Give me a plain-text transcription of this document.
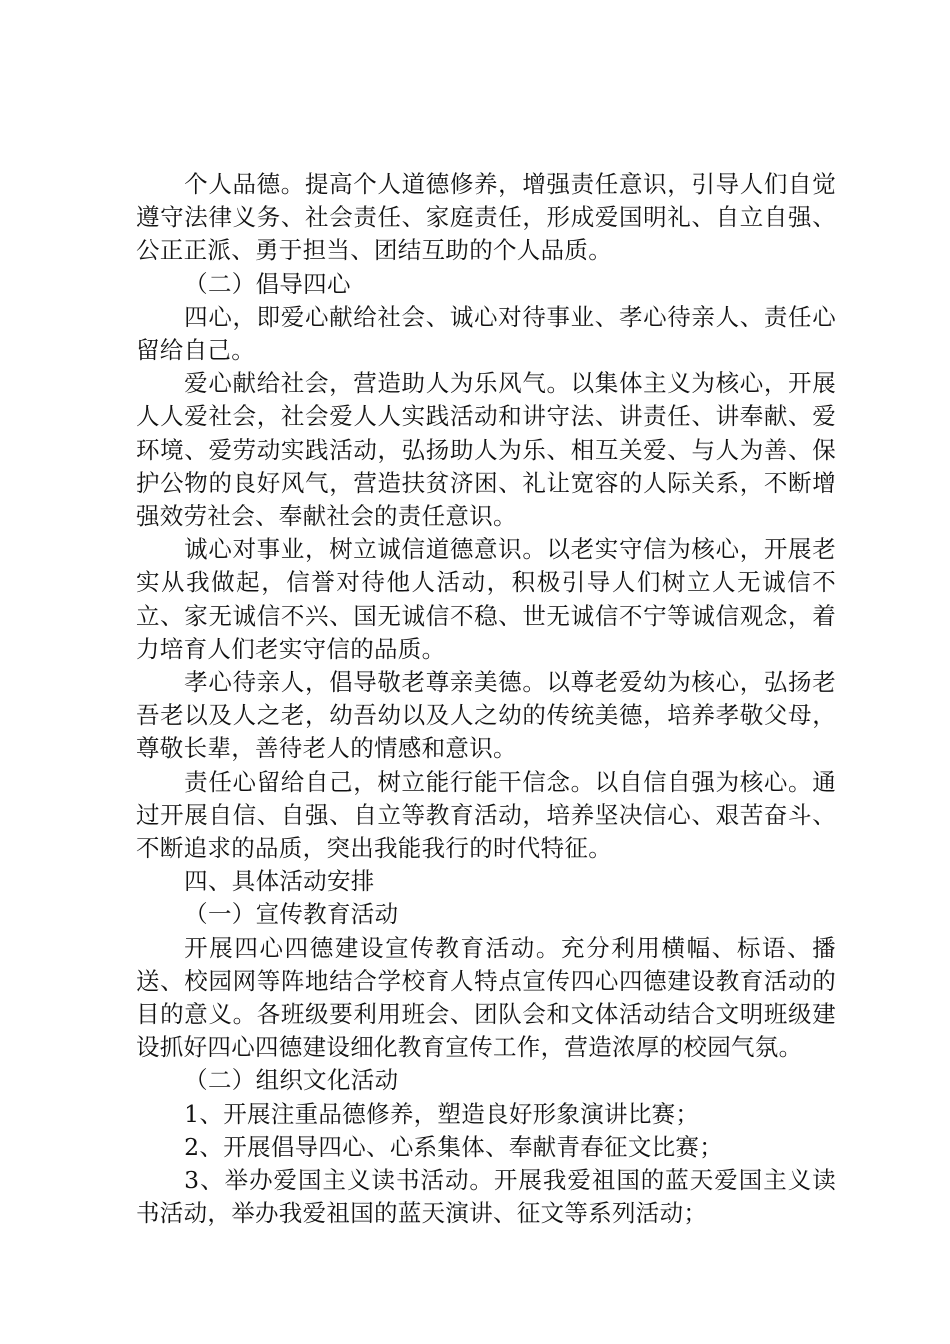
个人品德。提高个人道德修养，增强责任意识，引导人们自觉遵守法律义务、社会责任、家庭责任，形成爱国明礼、自立自强、公正正派、勇于担当、团结互助的个人品质。

（二）倡导四心

四心，即爱心献给社会、诚心对待事业、孝心待亲人、责任心留给自己。

爱心献给社会，营造助人为乐风气。以集体主义为核心，开展人人爱社会，社会爱人人实践活动和讲守法、讲责任、讲奉献、爱环境、爱劳动实践活动，弘扬助人为乐、相互关爱、与人为善、保护公物的良好风气，营造扶贫济困、礼让宽容的人际关系，不断增强效劳社会、奉献社会的责任意识。

诚心对事业，树立诚信道德意识。以老实守信为核心，开展老实从我做起，信誉对待他人活动，积极引导人们树立人无诚信不立、家无诚信不兴、国无诚信不稳、世无诚信不宁等诚信观念，着力培育人们老实守信的品质。

孝心待亲人，倡导敬老尊亲美德。以尊老爱幼为核心，弘扬老吾老以及人之老，幼吾幼以及人之幼的传统美德，培养孝敬父母，尊敬长辈，善待老人的情感和意识。

责任心留给自己，树立能行能干信念。以自信自强为核心。通过开展自信、自强、自立等教育活动，培养坚决信心、艰苦奋斗、不断追求的品质，突出我能我行的时代特征。

四、具体活动安排

（一）宣传教育活动

开展四心四德建设宣传教育活动。充分利用横幅、标语、播送、校园网等阵地结合学校育人特点宣传四心四德建设教育活动的目的意义。各班级要利用班会、团队会和文体活动结合文明班级建设抓好四心四德建设细化教育宣传工作，营造浓厚的校园气氛。

（二）组织文化活动

1、开展注重品德修养，塑造良好形象演讲比赛；

2、开展倡导四心、心系集体、奉献青春征文比赛；

3、举办爱国主义读书活动。开展我爱祖国的蓝天爱国主义读书活动，举办我爱祖国的蓝天演讲、征文等系列活动；
